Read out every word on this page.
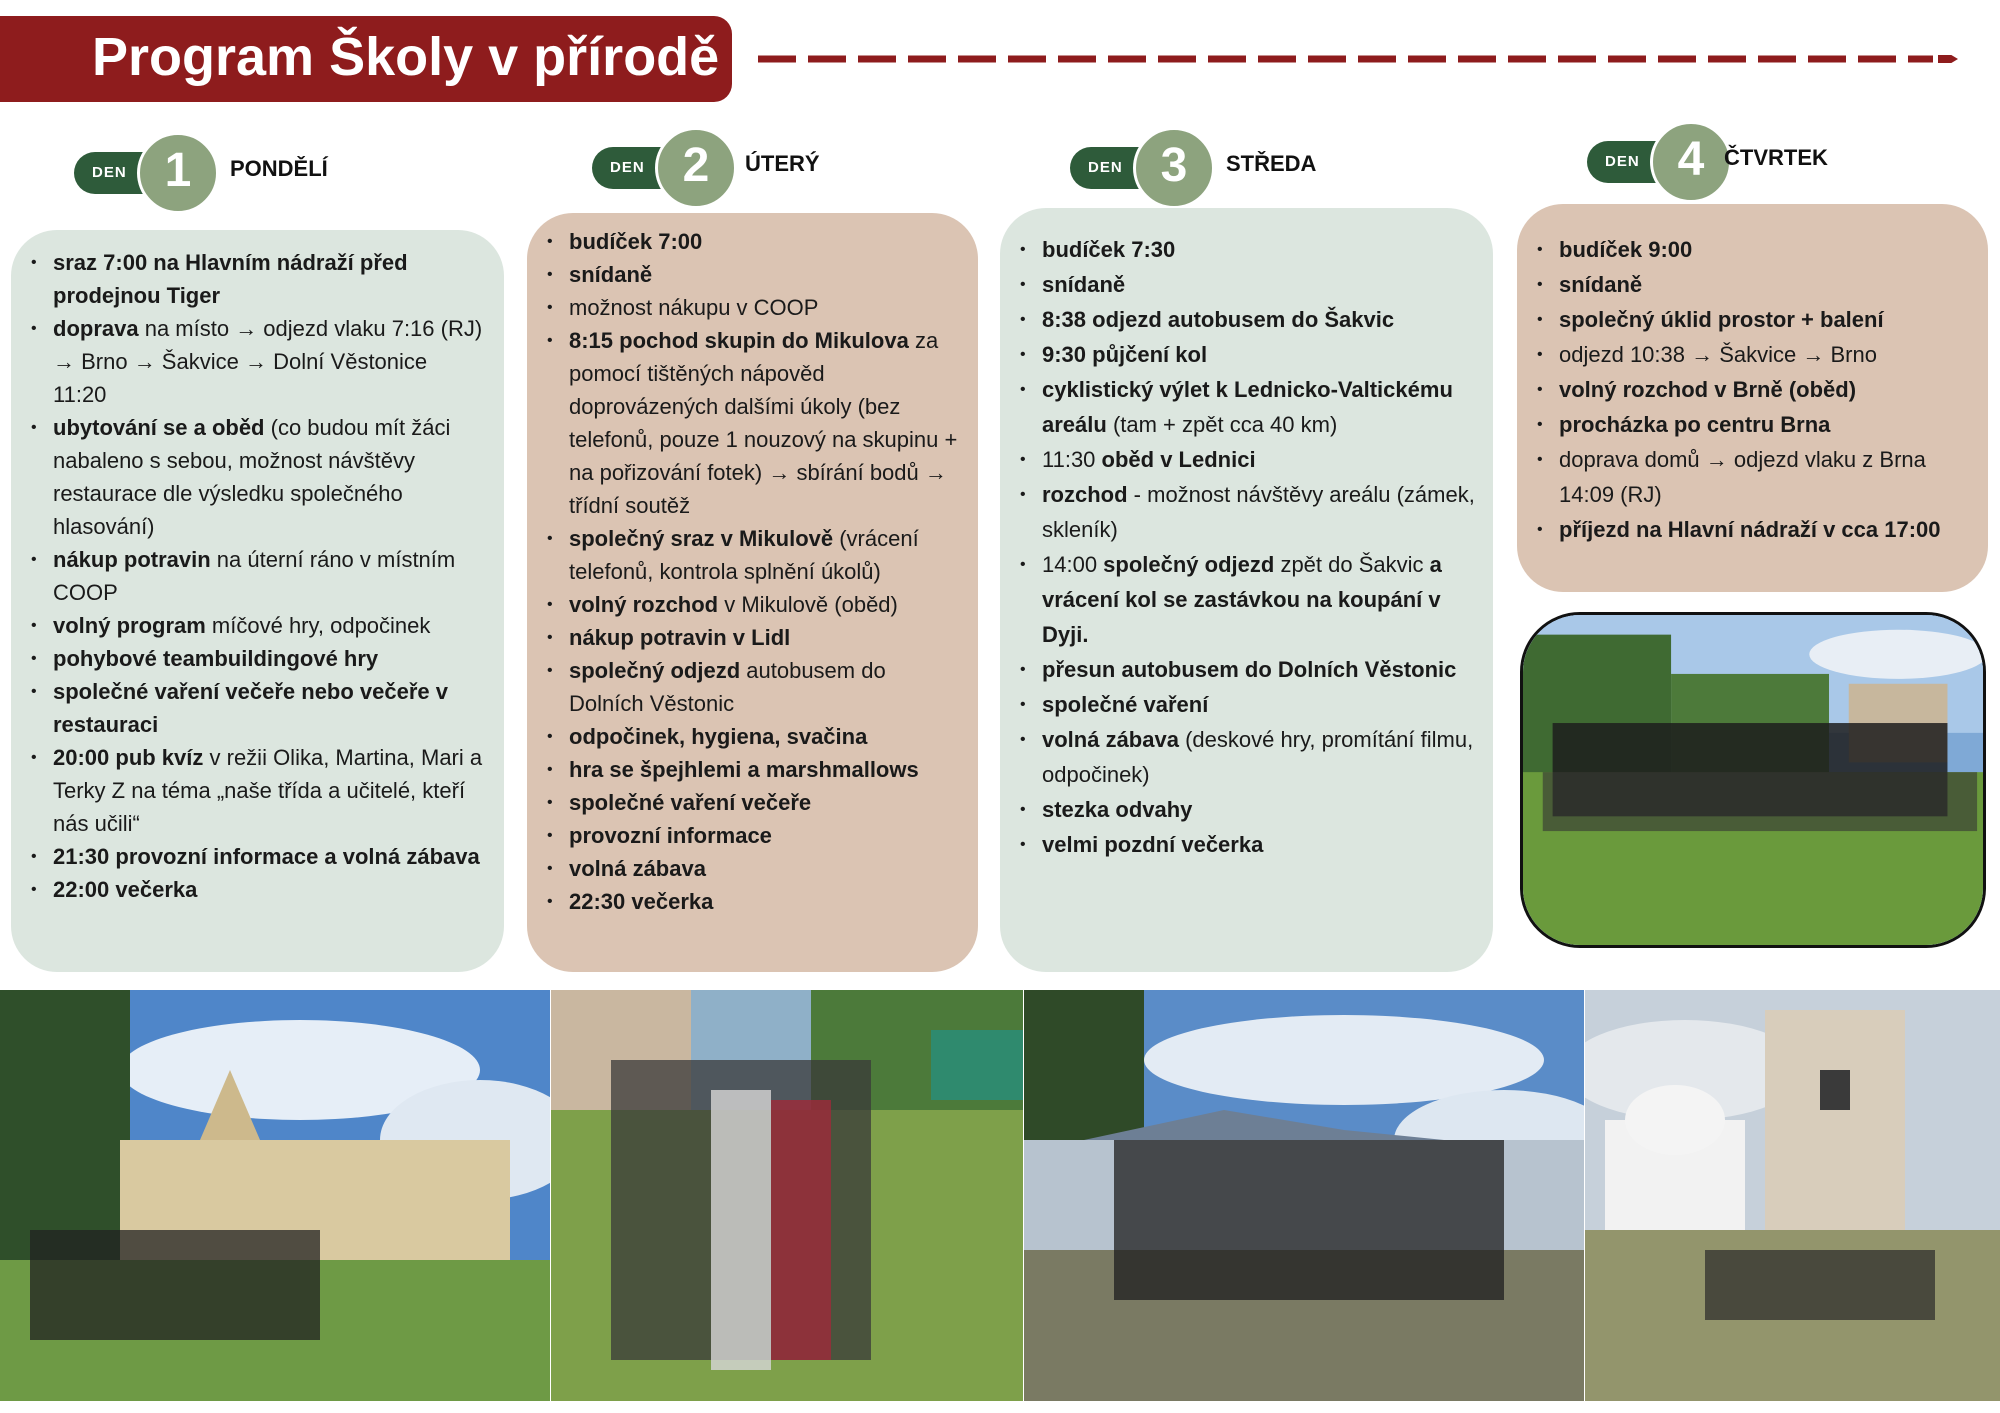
Program Školy v přírodě
DEN 1	PONDĚLÍ	DEN 2	ÚTERÝ	DEN 3	STŘEDA	DEN 4 ČTVRTEK
• sraz 7:00 na Hlavním nádraží před prodejnou Tiger
• doprava na místo → odjezd vlaku 7:16 (RJ) → Brno → Šakvice → Dolní Věstonice 11:20
• ubytování se a oběd (co budou mít žáci nabaleno s sebou, možnost návštěvy restaurace dle výsledku společného hlasování)
• nákup potravin na úterní ráno v místním COOP
• volný program míčové hry, odpočinek
• pohybové teambuildingové hry
• společné vaření večeře nebo večeře v restauraci
• 20:00 pub kvíz v režii Olika, Martina, Mari a Terky Z na téma „naše třída a učitelé, kteří nás učili“
• 21:30 provozní informace a volná zábava
• 22:00 večerka
• budíček 7:00
• snídaně
• možnost nákupu v COOP
• 8:15 pochod skupin do Mikulova za pomocí tištěných nápověd doprovázených dalšími úkoly (bez telefonů, pouze 1 nouzový na skupinu + na pořizování fotek) → sbírání bodů → třídní soutěž
• společný sraz v Mikulově (vrácení telefonů, kontrola splnění úkolů)
• volný rozchod v Mikulově (oběd)
• nákup potravin v Lidl
• společný odjezd autobusem do Dolních Věstonic
• odpočinek, hygiena, svačina
• hra se špejhlemi a marshmallows
• společné vaření večeře
• provozní informace
• volná zábava
• 22:30 večerka
• budíček 7:30
• snídaně
• 8:38 odjezd autobusem do Šakvic
• 9:30 půjčení kol
• cyklistický výlet k Lednicko-Valtickému areálu (tam + zpět cca 40 km)
• 11:30 oběd v Lednici
• rozchod - možnost návštěvy areálu (zámek, skleník)
• 14:00 společný odjezd zpět do Šakvic a vrácení kol se zastávkou na koupání v Dyji.
• přesun autobusem do Dolních Věstonic
• společné vaření
• volná zábava (deskové hry, promítání filmu, odpočinek)
• stezka odvahy
• velmi pozdní večerka
• budíček 9:00
• snídaně
• společný úklid prostor + balení
• odjezd 10:38 → Šakvice → Brno
• volný rozchod v Brně (oběd)
• procházka po centru Brna
• doprava domů → odjezd vlaku z Brna 14:09 (RJ)
• příjezd na Hlavní nádraží v cca 17:00
